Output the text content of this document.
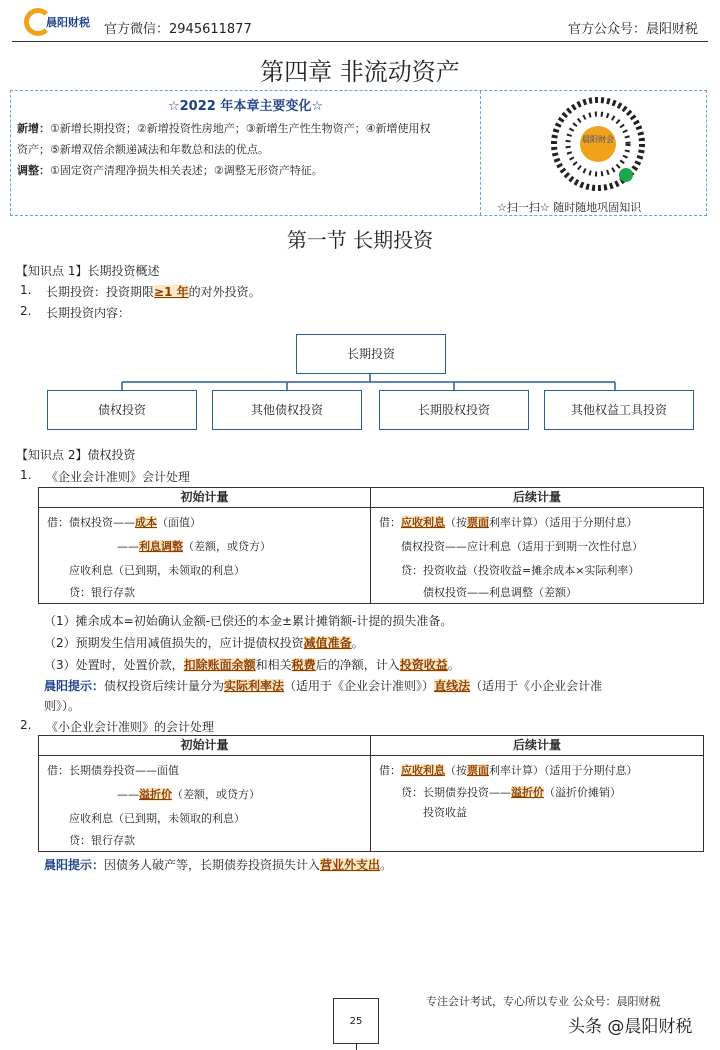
晨阳财税 官方微信：2945611877	官方公众号：晨阳财税
第四章 非流动资产
☆2022 年本章主要变化☆
新增：①新增长期投资；②新增投资性房地产；③新增生产性生物资产；④新增使用权
资产；⑤新增双倍余额递减法和年数总和法的优点。
调整：①固定资产清理净损失相关表述；②调整无形资产特征。
晨阳财会
☆扫一扫☆ 随时随地巩固知识
第一节 长期投资
【知识点 1】长期投资概述
1. 长期投资：投资期限≥1 年的对外投资。
2. 长期投资内容：
长期投资
债权投资	其他债权投资	长期股权投资	其他权益工具投资
【知识点 2】债权投资
1. 《企业会计准则》会计处理
初始计量	后续计量

借：债权投资——成本（面值）
——利息调整（差额，或贷方）
应收利息（已到期，未领取的利息）
贷：银行存款	借：应收利息（按票面利率计算）（适用于分期付息）
债权投资——应计利息（适用于到期一次性付息）
贷：投资收益（投资收益=摊余成本×实际利率）
债权投资——利息调整（差额）
（1）摊余成本=初始确认金额-已偿还的本金±累计摊销额-计提的损失准备。
（2）预期发生信用减值损失的，应计提债权投资减值准备。
（3）处置时，处置价款，扣除账面余额和相关税费后的净额，计入投资收益。
晨阳提示：债权投资后续计量分为实际利率法（适用于《企业会计准则》）直线法（适用于《小企业会计准
则》）。
2. 《小企业会计准则》的会计处理
初始计量	后续计量

借：长期债券投资——面值
——溢折价（差额，或贷方）
应收利息（已到期，未领取的利息）
贷：银行存款	借：应收利息（按票面利率计算）（适用于分期付息）
贷：长期债券投资——溢折价（溢折价摊销）
投资收益
晨阳提示：因债务人破产等，长期债券投资损失计入营业外支出。
专注会计考试，专心所以专业 公众号：晨阳财税
25	头条 @晨阳财税
